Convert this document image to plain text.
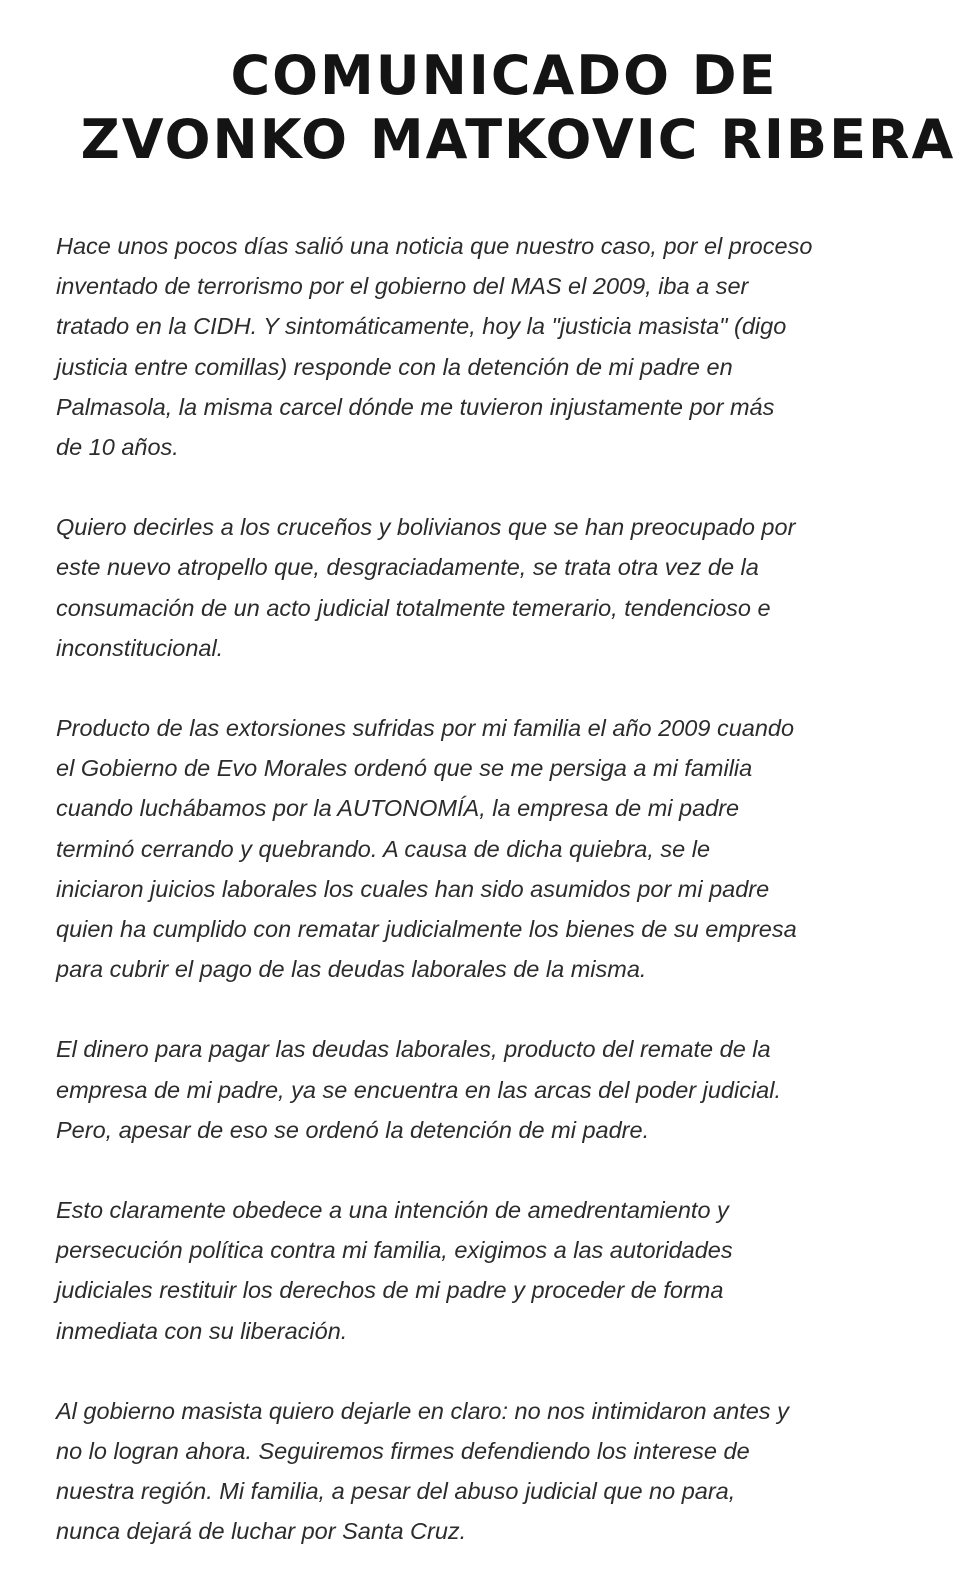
COMUNICADO DE
ZVONKO MATKOVIC RIBERA

Hace unos pocos días salió una noticia que nuestro caso, por el proceso
inventado de terrorismo por el gobierno del MAS el 2009, iba a ser
tratado en la CIDH. Y sintomáticamente, hoy la "justicia masista" (digo
justicia entre comillas) responde con la detención de mi padre en
Palmasola, la misma carcel dónde me tuvieron injustamente por más
de 10 años.

Quiero decirles a los cruceños y bolivianos que se han preocupado por
este nuevo atropello que, desgraciadamente, se trata otra vez de la
consumación de un acto judicial totalmente temerario, tendencioso e
inconstitucional.

Producto de las extorsiones sufridas por mi familia el año 2009 cuando
el Gobierno de Evo Morales ordenó que se me persiga a mi familia
cuando luchábamos por la AUTONOMÍA, la empresa de mi padre
terminó cerrando y quebrando. A causa de dicha quiebra, se le
iniciaron juicios laborales los cuales han sido asumidos por mi padre
quien ha cumplido con rematar judicialmente los bienes de su empresa
para cubrir el pago de las deudas laborales de la misma.

El dinero para pagar las deudas laborales, producto del remate de la
empresa de mi padre, ya se encuentra en las arcas del poder judicial.
Pero, apesar de eso se ordenó la detención de mi padre.

Esto claramente obedece a una intención de amedrentamiento y
persecución política contra mi familia, exigimos a las autoridades
judiciales restituir los derechos de mi padre y proceder de forma
inmediata con su liberación.

Al gobierno masista quiero dejarle en claro: no nos intimidaron antes y
no lo logran ahora. Seguiremos firmes defendiendo los interese de
nuestra región. Mi familia, a pesar del abuso judicial que no para,
nunca dejará de luchar por Santa Cruz.
